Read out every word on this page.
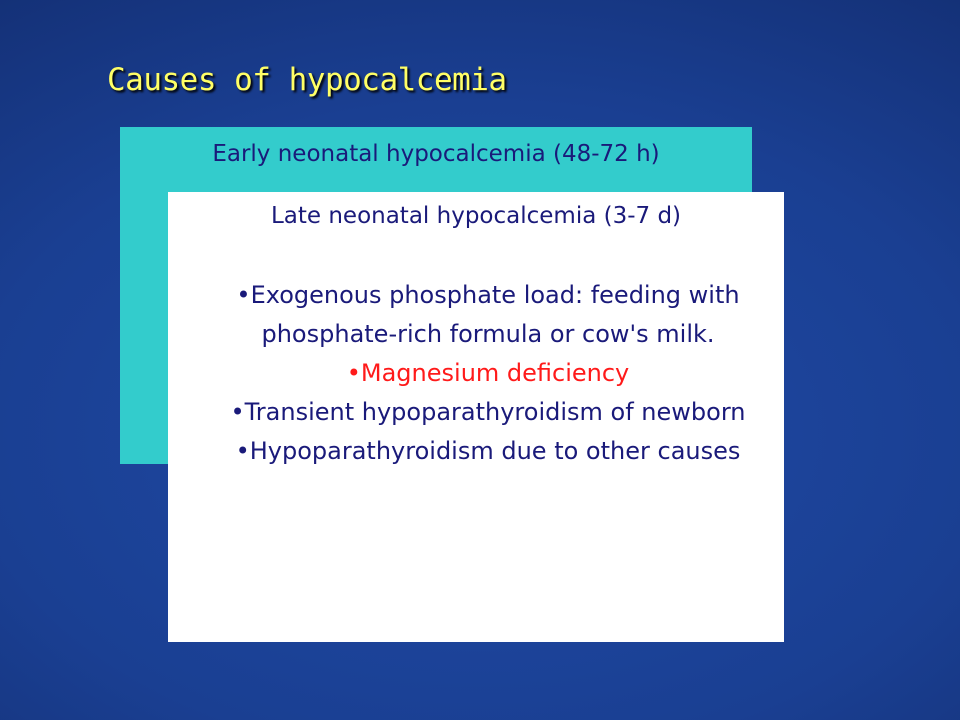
Causes of hypocalcemia
Early neonatal hypocalcemia (48-72 h)
Late neonatal hypocalcemia (3-7 d)
•Exogenous phosphate load: feeding with phosphate-rich formula or cow's milk.
•Magnesium deficiency
•Transient hypoparathyroidism of newborn
•Hypoparathyroidism due to other causes
